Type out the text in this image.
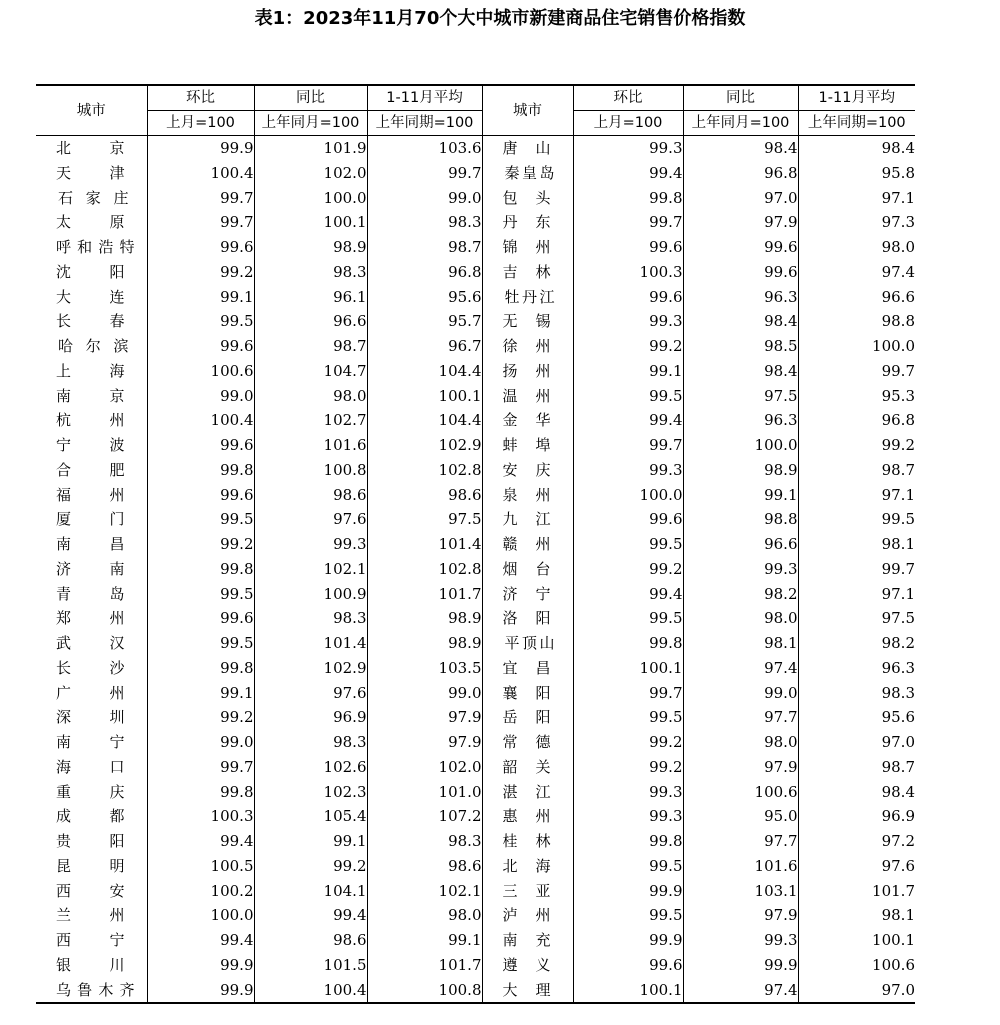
表1：2023年11月70个大中城市新建商品住宅销售价格指数
城市	环比	同比	1-11月平均	城市	环比	同比	1-11月平均
	上月=100	上年同月=100	上年同期=100		上月=100	上年同月=100	上年同期=100

北 京	99.9	101.9	103.6	唐 山	99.3	98.4	98.4

天 津	100.4	102.0	99.7	秦 皇 岛	99.4	96.8	95.8

石 家 庄	99.7	100.0	99.0	包 头	99.8	97.0	97.1

太 原	99.7	100.1	98.3	丹 东	99.7	97.9	97.3

呼 和 浩 特	99.6	98.9	98.7	锦 州	99.6	99.6	98.0

沈 阳	99.2	98.3	96.8	吉 林	100.3	99.6	97.4

大 连	99.1	96.1	95.6	牡 丹 江	99.6	96.3	96.6

长 春	99.5	96.6	95.7	无 锡	99.3	98.4	98.8

哈 尔 滨	99.6	98.7	96.7	徐 州	99.2	98.5	100.0

上 海	100.6	104.7	104.4	扬 州	99.1	98.4	99.7

南 京	99.0	98.0	100.1	温 州	99.5	97.5	95.3

杭 州	100.4	102.7	104.4	金 华	99.4	96.3	96.8

宁 波	99.6	101.6	102.9	蚌 埠	99.7	100.0	99.2

合 肥	99.8	100.8	102.8	安 庆	99.3	98.9	98.7

福 州	99.6	98.6	98.6	泉 州	100.0	99.1	97.1

厦 门	99.5	97.6	97.5	九 江	99.6	98.8	99.5

南 昌	99.2	99.3	101.4	赣 州	99.5	96.6	98.1

济 南	99.8	102.1	102.8	烟 台	99.2	99.3	99.7

青 岛	99.5	100.9	101.7	济 宁	99.4	98.2	97.1

郑 州	99.6	98.3	98.9	洛 阳	99.5	98.0	97.5

武 汉	99.5	101.4	98.9	平 顶 山	99.8	98.1	98.2

长 沙	99.8	102.9	103.5	宜 昌	100.1	97.4	96.3

广 州	99.1	97.6	99.0	襄 阳	99.7	99.0	98.3

深 圳	99.2	96.9	97.9	岳 阳	99.5	97.7	95.6

南 宁	99.0	98.3	97.9	常 德	99.2	98.0	97.0

海 口	99.7	102.6	102.0	韶 关	99.2	97.9	98.7

重 庆	99.8	102.3	101.0	湛 江	99.3	100.6	98.4

成 都	100.3	105.4	107.2	惠 州	99.3	95.0	96.9

贵 阳	99.4	99.1	98.3	桂 林	99.8	97.7	97.2

昆 明	100.5	99.2	98.6	北 海	99.5	101.6	97.6

西 安	100.2	104.1	102.1	三 亚	99.9	103.1	101.7

兰 州	100.0	99.4	98.0	泸 州	99.5	97.9	98.1

西 宁	99.4	98.6	99.1	南 充	99.9	99.3	100.1

银 川	99.9	101.5	101.7	遵 义	99.6	99.9	100.6

乌 鲁 木 齐	99.9	100.4	100.8	大 理	100.1	97.4	97.0
